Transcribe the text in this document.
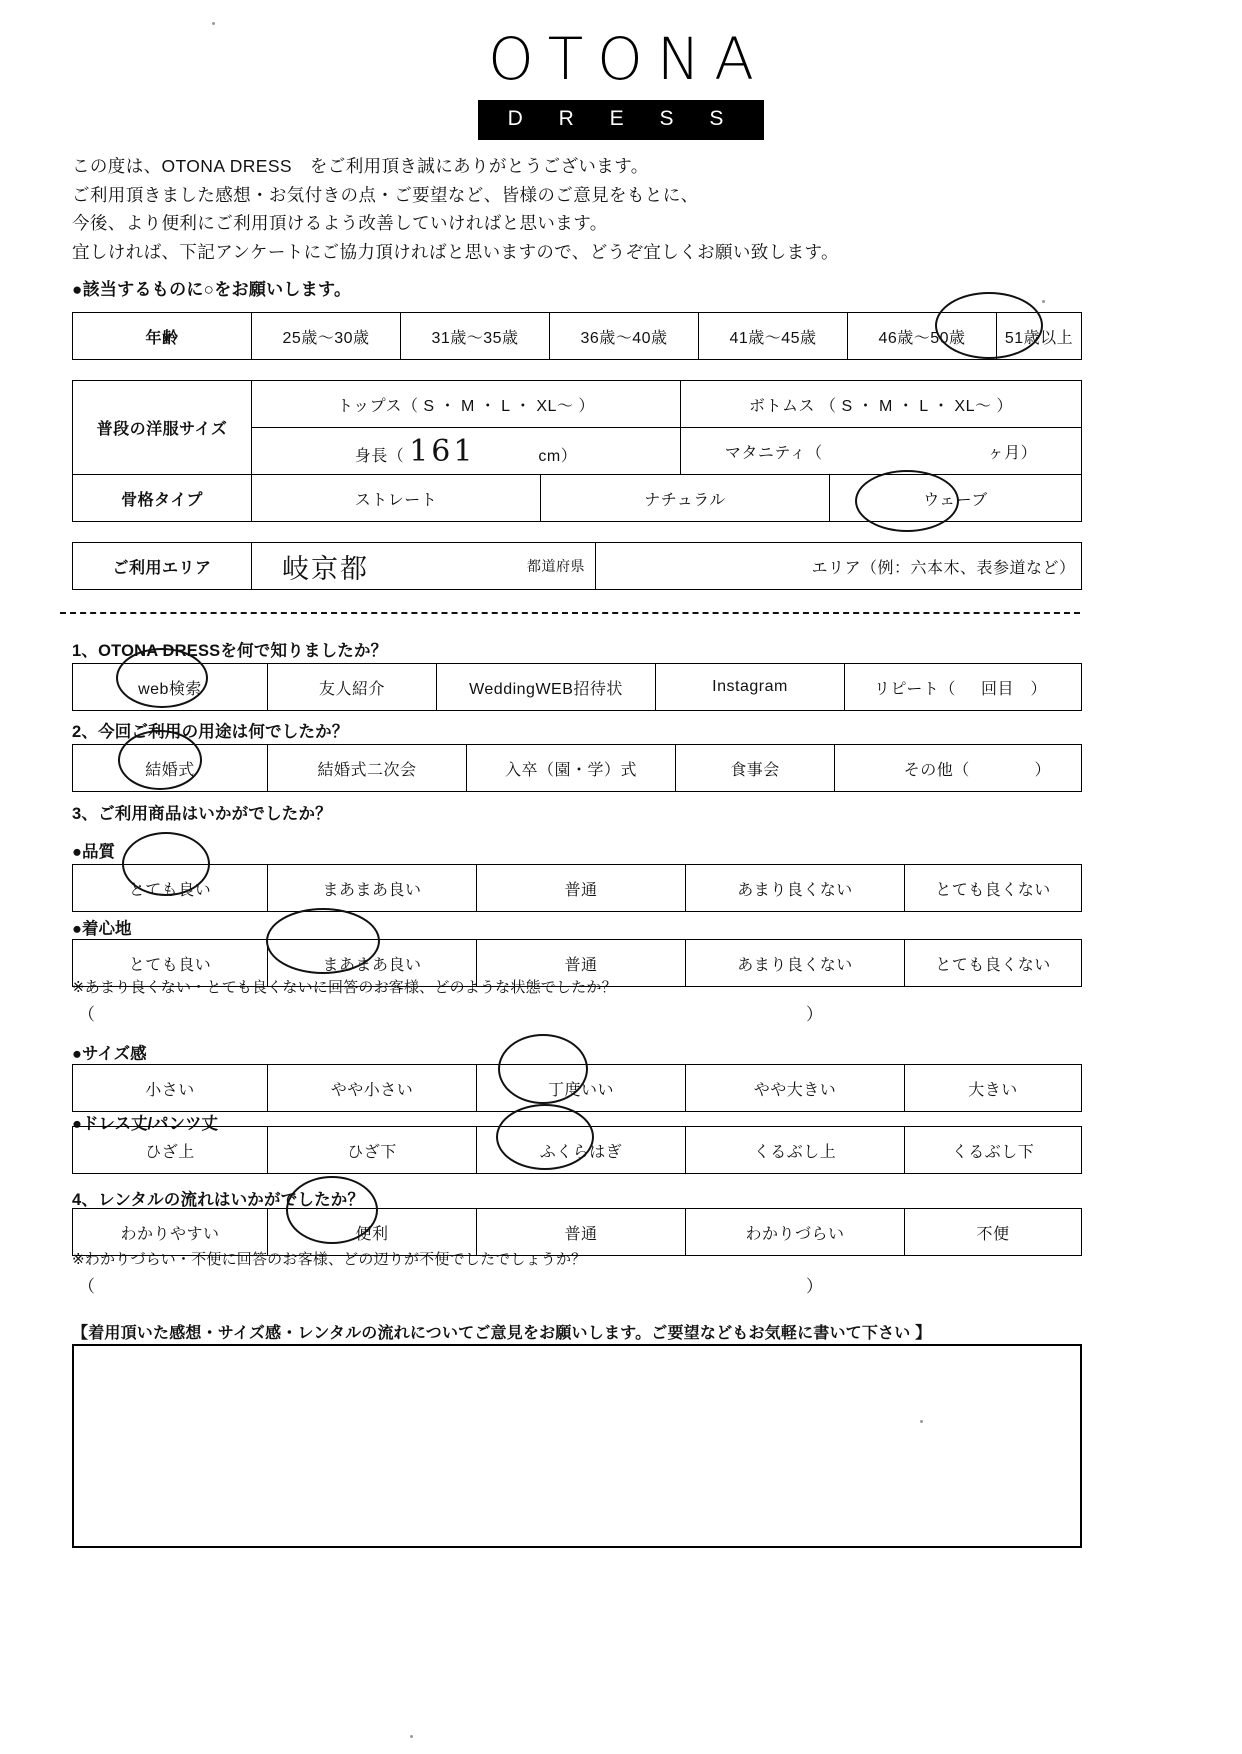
OTONA
D R E S S
この度は、OTONA DRESS　をご利用頂き誠にありがとうございます。
ご利用頂きました感想・お気付きの点・ご要望など、皆様のご意見をもとに、
今後、より便利にご利用頂けるよう改善していければと思います。
宜しければ、下記アンケートにご協力頂ければと思いますので、どうぞ宜しくお願い致します。
●該当するものに○をお願いします。
年齢	25歳～30歳	31歳～35歳	36歳～40歳	41歳～45歳	46歳～50歳	51歳以上
普段の洋服サイズ	トップス（ S ・ M ・ L ・ XL～ ）	ボトムス （ S ・ M ・ L ・ XL～ ）
	身長（ 161 cm）	マタニティ（ ヶ月）
骨格タイプ	ストレート	ナチュラル	ウェーブ
ご利用エリア	岐京都	都道府県	エリア（例：六本木、表参道など）
1、OTONA DRESSを何で知りましたか？
web検索	友人紹介	WeddingWEB招待状	Instagram	リピート（ 回目　）
2、今回ご利用の用途は何でしたか？
結婚式	結婚式二次会	入卒（園・学）式	食事会	その他（	）
3、ご利用商品はいかがでしたか？
●品質
とても良い	まあまあ良い	普通	あまり良くない	とても良くない
●着心地
とても良い	まあまあ良い	普通	あまり良くない	とても良くない
※あまり良くない・とても良くないに回答のお客様、どのような状態でしたか？
（	）
●サイズ感
小さい	やや小さい	丁度いい	やや大きい	大きい
●ドレス丈/パンツ丈
ひざ上	ひざ下	ふくらはぎ	くるぶし上	くるぶし下
4、レンタルの流れはいかがでしたか？
わかりやすい	便利	普通	わかりづらい	不便
※わかりづらい・不便に回答のお客様、どの辺りが不便でしたでしょうか？
（	）
【着用頂いた感想・サイズ感・レンタルの流れについてご意見をお願いします。ご要望などもお気軽に書いて下さい 】
